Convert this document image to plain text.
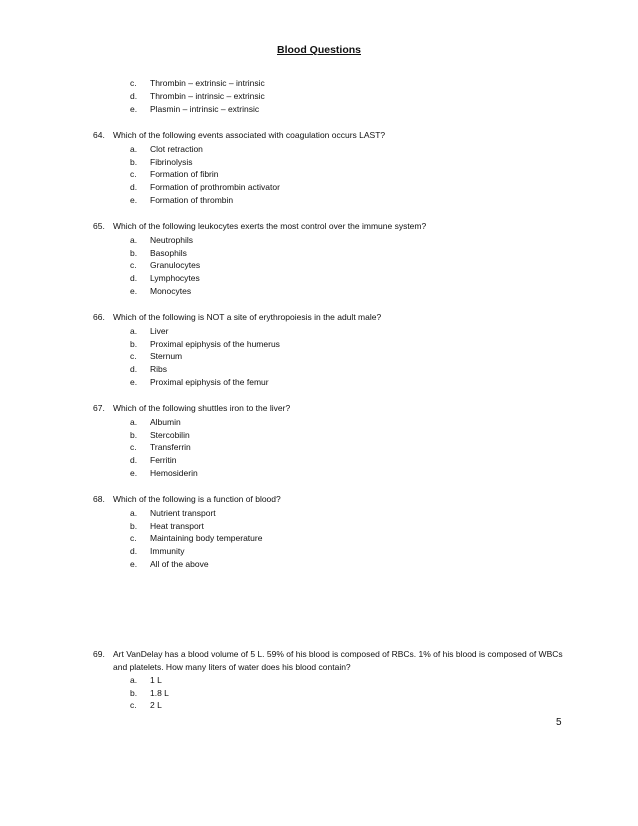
Blood Questions
c. Thrombin – extrinsic – intrinsic
d. Thrombin – intrinsic – extrinsic
e. Plasmin – intrinsic – extrinsic
64. Which of the following events associated with coagulation occurs LAST?
a. Clot retraction
b. Fibrinolysis
c. Formation of fibrin
d. Formation of prothrombin activator
e. Formation of thrombin
65. Which of the following leukocytes exerts the most control over the immune system?
a. Neutrophils
b. Basophils
c. Granulocytes
d. Lymphocytes
e. Monocytes
66. Which of the following is NOT a site of erythropoiesis in the adult male?
a. Liver
b. Proximal epiphysis of the humerus
c. Sternum
d. Ribs
e. Proximal epiphysis of the femur
67. Which of the following shuttles iron to the liver?
a. Albumin
b. Stercobilin
c. Transferrin
d. Ferritin
e. Hemosiderin
68. Which of the following is a function of blood?
a. Nutrient transport
b. Heat transport
c. Maintaining body temperature
d. Immunity
e. All of the above
69. Art VanDelay has a blood volume of 5 L. 59% of his blood is composed of RBCs. 1% of his blood is composed of WBCs and platelets. How many liters of water does his blood contain?
a. 1 L
b. 1.8 L
c. 2 L
5
